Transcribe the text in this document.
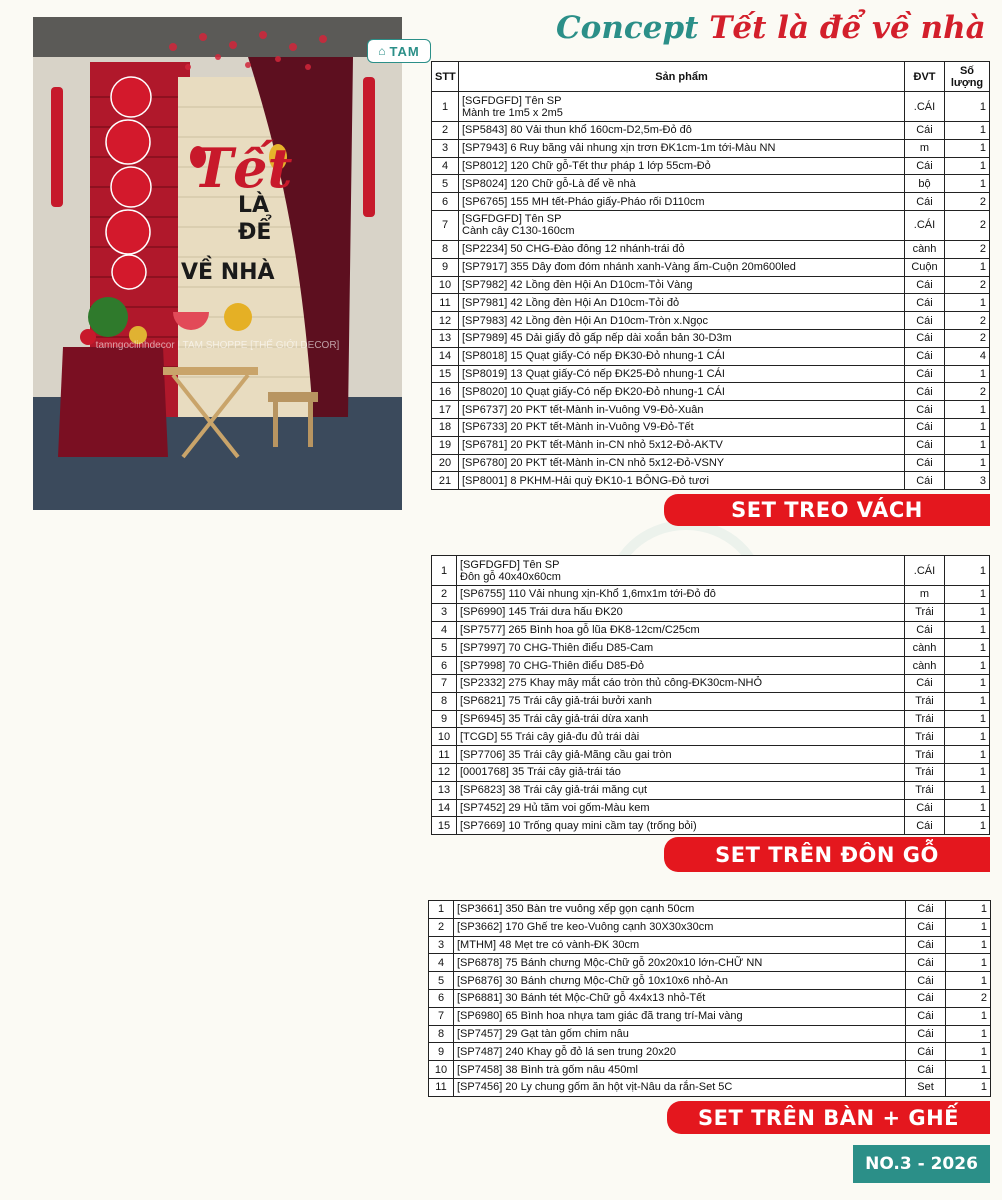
Tết
LÀ
ĐỂ
VỀ NHÀ
⌂ TAM
tamngoclinhdecor | TAM SHOPPE [THẾ GIỚI DECOR]
Concept Tết là để về nhà
STT	Sản phẩm	ĐVT	Số lượng
1	[SGFDGFD] Tên SP
Mành tre 1m5 x 2m5	.CÁI	1
2	[SP5843] 80 Vải thun khổ 160cm-D2,5m-Đỏ đô	Cái	1
3	[SP7943] 6 Ruy băng vải nhung xịn trơn ĐK1cm-1m tới-Màu NN	m	1
4	[SP8012] 120 Chữ gỗ-Tết thư pháp 1 lớp 55cm-Đỏ	Cái	1
5	[SP8024] 120 Chữ gỗ-Là để về nhà	bộ	1
6	[SP6765] 155 MH tết-Pháo giấy-Pháo rối D110cm	Cái	2
7	[SGFDGFD] Tên SP
Cành cây C130-160cm	.CÁI	2
8	[SP2234] 50 CHG-Đào đông 12 nhánh-trái đỏ	cành	2
9	[SP7917] 355 Dây đom đóm nhánh xanh-Vàng ấm-Cuộn 20m600led	Cuộn	1
10	[SP7982] 42 Lồng đèn Hội An D10cm-Tỏi Vàng	Cái	2
11	[SP7981] 42 Lồng đèn Hội An D10cm-Tỏi đỏ	Cái	1
12	[SP7983] 42 Lồng đèn Hội An D10cm-Tròn x.Ngọc	Cái	2
13	[SP7989] 45 Dải giấy đỏ gấp nếp dài xoắn bản 30-D3m	Cái	2
14	[SP8018] 15 Quạt giấy-Có nếp ĐK30-Đỏ nhung-1 CÁI	Cái	4
15	[SP8019] 13 Quạt giấy-Có nếp ĐK25-Đỏ nhung-1 CÁI	Cái	1
16	[SP8020] 10 Quạt giấy-Có nếp ĐK20-Đỏ nhung-1 CÁI	Cái	2
17	[SP6737] 20 PKT tết-Mành in-Vuông V9-Đỏ-Xuân	Cái	1
18	[SP6733] 20 PKT tết-Mành in-Vuông V9-Đỏ-Tết	Cái	1
19	[SP6781] 20 PKT tết-Mành in-CN nhỏ 5x12-Đỏ-AKTV	Cái	1
20	[SP6780] 20 PKT tết-Mành in-CN nhỏ 5x12-Đỏ-VSNY	Cái	1
21	[SP8001] 8 PKHM-Hải quỳ ĐK10-1 BÔNG-Đỏ tươi	Cái	3
SET TREO VÁCH
1	[SGFDGFD] Tên SP
Đôn gỗ 40x40x60cm	.CÁI	1
2	[SP6755] 110 Vải nhung xịn-Khổ 1,6mx1m tới-Đỏ đô	m	1
3	[SP6990] 145 Trái dưa hấu ĐK20	Trái	1
4	[SP7577] 265 Bình hoa gỗ lũa ĐK8-12cm/C25cm	Cái	1
5	[SP7997] 70 CHG-Thiên điểu D85-Cam	cành	1
6	[SP7998] 70 CHG-Thiên điểu D85-Đỏ	cành	1
7	[SP2332] 275 Khay mây mắt cáo tròn thủ công-ĐK30cm-NHỎ	Cái	1
8	[SP6821] 75 Trái cây giả-trái bưởi xanh	Trái	1
9	[SP6945] 35 Trái cây giả-trái dừa xanh	Trái	1
10	[TCGD] 55 Trái cây giả-đu đủ trái dài	Trái	1
11	[SP7706] 35 Trái cây giả-Mãng cầu gai tròn	Trái	1
12	[0001768] 35 Trái cây giả-trái táo	Trái	1
13	[SP6823] 38 Trái cây giả-trái măng cụt	Trái	1
14	[SP7452] 29 Hủ tăm voi gốm-Màu kem	Cái	1
15	[SP7669] 10 Trống quay mini cầm tay (trống bỏi)	Cái	1
SET TRÊN ĐÔN GỖ
1	[SP3661] 350 Bàn tre vuông xếp gọn cạnh 50cm	Cái	1
2	[SP3662] 170 Ghế tre keo-Vuông cạnh 30X30x30cm	Cái	1
3	[MTHM] 48 Mẹt tre có vành-ĐK 30cm	Cái	1
4	[SP6878] 75 Bánh chưng Mộc-Chữ gỗ 20x20x10 lớn-CHỮ NN	Cái	1
5	[SP6876] 30 Bánh chưng Mộc-Chữ gỗ 10x10x6 nhỏ-An	Cái	1
6	[SP6881] 30 Bánh tét Mộc-Chữ gỗ 4x4x13 nhỏ-Tết	Cái	2
7	[SP6980] 65 Bình hoa nhựa tam giác đã trang trí-Mai vàng	Cái	1
8	[SP7457] 29 Gạt tàn gốm chim nâu	Cái	1
9	[SP7487] 240 Khay gỗ đỏ lá sen trung 20x20	Cái	1
10	[SP7458] 38 Bình trà gốm nâu 450ml	Cái	1
11	[SP7456] 20 Ly chung gốm ăn hột vịt-Nâu da rắn-Set 5C	Set	1
SET TRÊN BÀN + GHẾ
NO.3 - 2026
